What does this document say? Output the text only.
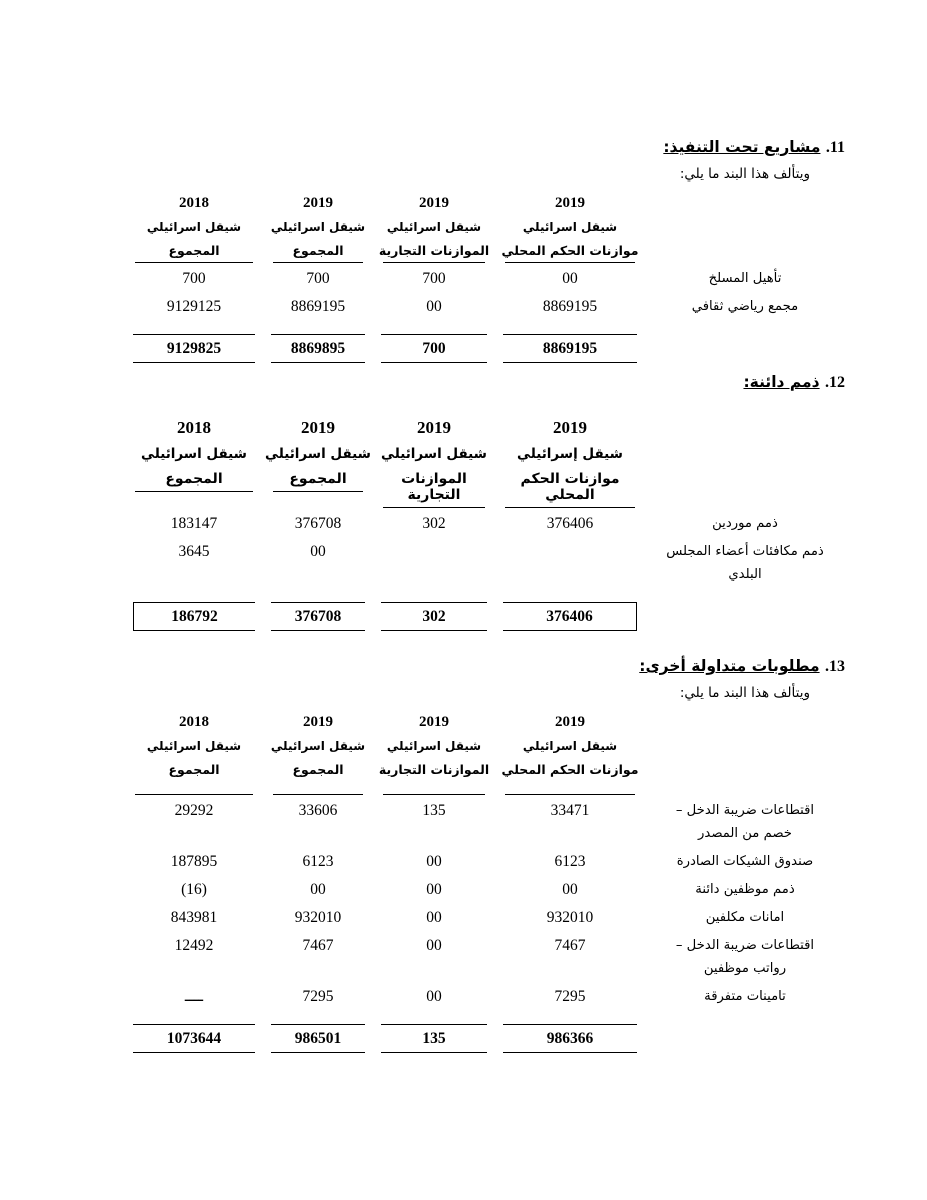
11. مشاريع تحت التنفيذ:

ويتألف هذا البند ما يلي:

2019
شيقل اسرائيلي
موازنات الحكم المحلي
2019
شيقل اسرائيلي
الموازنات التجارية
2019
شيقل اسرائيلي
المجموع
2018
شيقل اسرائيلي
المجموع
تأهيل المسلخ
00
700
700
700
مجمع رياضي ثقافي
8869195
00
8869195
9129125
8869195
700
8869895
9129825
12. ذمم دائنة:
2019
شيقل إسرائيلي
موازنات الحكم المحلي
2019
شيقل اسرائيلي
الموازنات التجارية
2019
شيقل اسرائيلي
المجموع
2018
شيقل اسرائيلي
المجموع
ذمم موردين
376406
302
376708
183147
ذمم مكافئات أعضاء المجلس
البلدي
00
3645
376406
302
376708
186792
13. مطلوبات متداولة أخرى:

ويتألف هذا البند ما يلي:

2019
شيقل اسرائيلي
موازنات الحكم المحلي
2019
شيقل اسرائيلي
الموازنات التجارية
2019
شيقل اسرائيلي
المجموع
2018
شيقل اسرائيلي
المجموع
اقتطاعات ضريبة الدخل –
خصم من المصدر
33471
135
33606
29292
صندوق الشيكات الصادرة
6123
00
6123
187895
ذمم موظفين دائنة
00
00
00
(16)
امانات مكلفين
932010
00
932010
843981
اقتطاعات ضريبة الدخل –
رواتب موظفين
7467
00
7467
12492
تامينات متفرقة
7295
00
7295
ــــ
986366
135
986501
1073644
